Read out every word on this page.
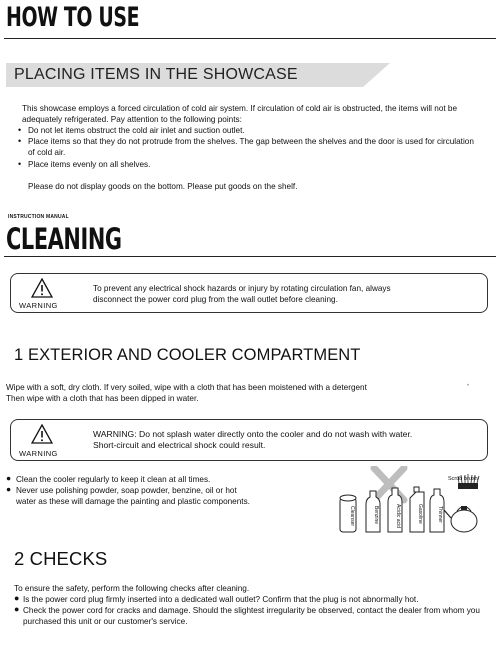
HOW TO USE
PLACING ITEMS IN THE SHOWCASE
This showcase employs a forced circulation of cold air system. If circulation of cold air is obstructed, the items will not be adequately refrigerated. Pay attention to the following points:
• Do not let items obstruct the cold air inlet and suction outlet.
• Place items so that they do not protrude from the shelves. The gap between the shelves and the door is used for circulation of cold air.
• Place items evenly on all shelves.
Please do not display goods on the bottom. Please put goods on the shelf.
INSTRUCTION MANUAL
CLEANING
WARNING
To prevent any electrical shock hazards or injury by rotating circulation fan, always
disconnect the power cord plug from the wall outlet before cleaning.
1 EXTERIOR AND COOLER COMPARTMENT
Wipe with a soft, dry cloth. If very soiled, wipe with a cloth that has been moistened with a detergent
Then wipe with a cloth that has been dipped in water.
•
WARNING
WARNING: Do not splash water directly onto the cooler and do not wash with water.
Short-circuit and electrical shock could result.
● Clean the cooler regularly to keep it clean at all times.
● Never use polishing powder, soap powder, benzine, oil or hot water as these will damage the painting and plastic components.
Cleanser	Benzine	Acidic acid	Gasoline	Thinner
Scrub brush
2 CHECKS
To ensure the safety, perform the following checks after cleaning.
● Is the power cord plug firmly inserted into a dedicated wall outlet? Confirm that the plug is not abnormally hot.
● Check the power cord for cracks and damage. Should the slightest irregularity be observed, contact the dealer from whom you purchased this unit or our customer's service.
